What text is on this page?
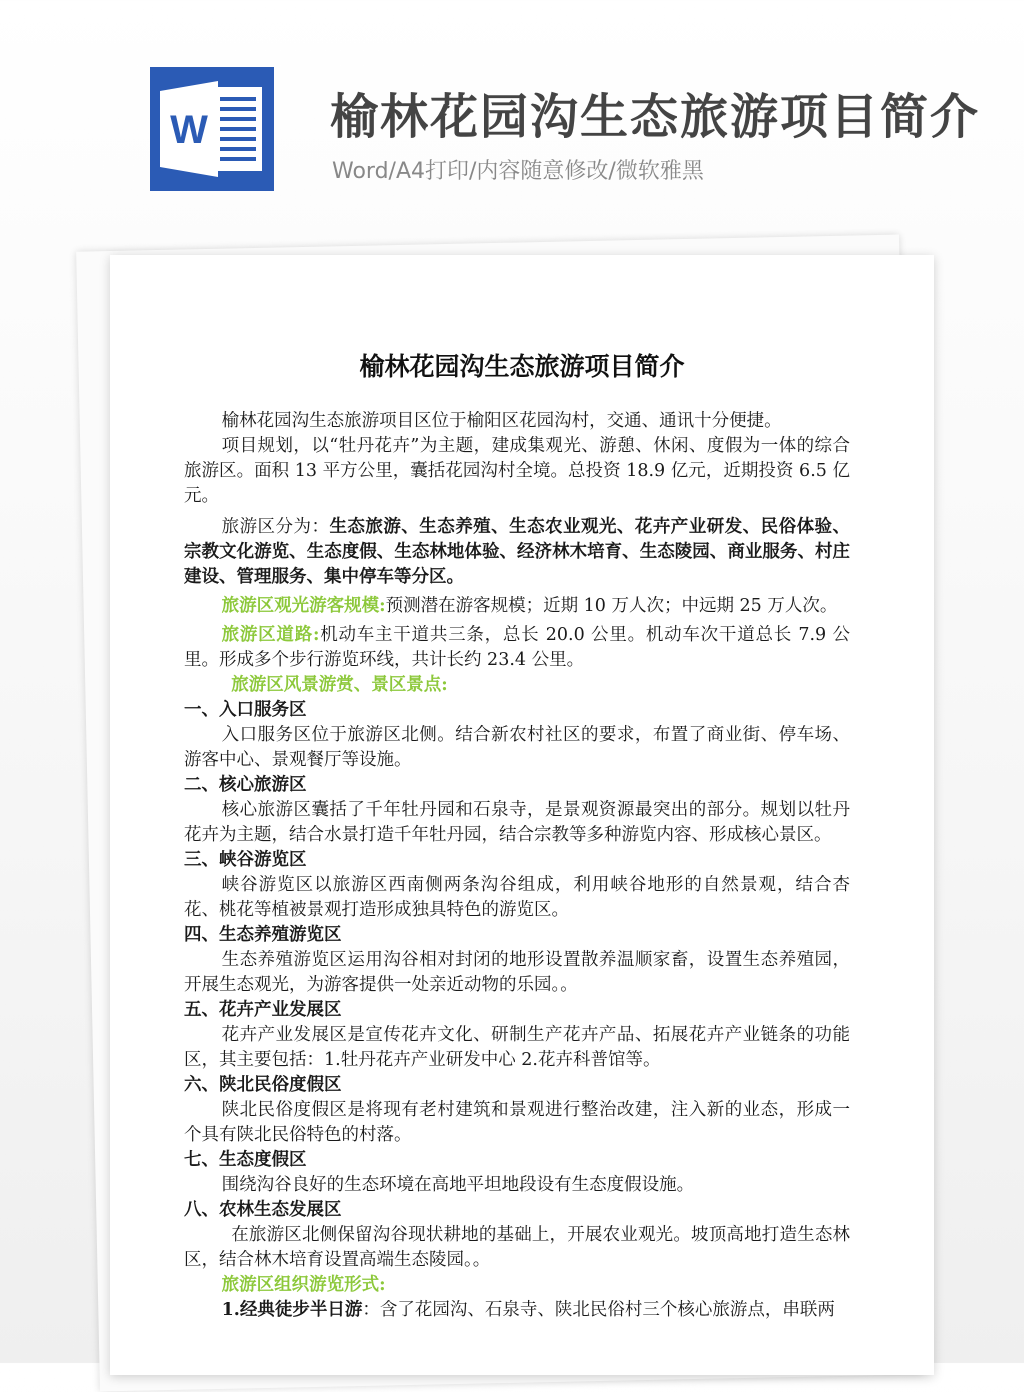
W	榆林花园沟生态旅游项目简介
Word/A4打印/内容随意修改/微软雅黑
榆林花园沟生态旅游项目简介

榆林花园沟生态旅游项目区位于榆阳区花园沟村，交通、通讯十分便捷。

项目规划，以“牡丹花卉”为主题，建成集观光、游憩、休闲、度假为一体的综合旅游区。面积 13 平方公里，囊括花园沟村全境。总投资 18.9 亿元，近期投资 6.5 亿元。

旅游区分为：生态旅游、生态养殖、生态农业观光、花卉产业研发、民俗体验、宗教文化游览、生态度假、生态林地体验、经济林木培育、生态陵园、商业服务、村庄建设、管理服务、集中停车等分区。

旅游区观光游客规模:预测潜在游客规模；近期 10 万人次；中远期 25 万人次。

旅游区道路:机动车主干道共三条，总长 20.0 公里。机动车次干道总长 7.9 公里。形成多个步行游览环线，共计长约 23.4 公里。

旅游区风景游赏、景区景点:

一、入口服务区

入口服务区位于旅游区北侧。结合新农村社区的要求，布置了商业街、停车场、游客中心、景观餐厅等设施。

二、核心旅游区

核心旅游区囊括了千年牡丹园和石泉寺，是景观资源最突出的部分。规划以牡丹花卉为主题，结合水景打造千年牡丹园，结合宗教等多种游览内容、形成核心景区。

三、峡谷游览区

峡谷游览区以旅游区西南侧两条沟谷组成，利用峡谷地形的自然景观，结合杏花、桃花等植被景观打造形成独具特色的游览区。

四、生态养殖游览区

生态养殖游览区运用沟谷相对封闭的地形设置散养温顺家畜，设置生态养殖园，开展生态观光，为游客提供一处亲近动物的乐园。。

五、花卉产业发展区

花卉产业发展区是宣传花卉文化、研制生产花卉产品、拓展花卉产业链条的功能区，其主要包括：1.牡丹花卉产业研发中心 2.花卉科普馆等。

六、陕北民俗度假区

陕北民俗度假区是将现有老村建筑和景观进行整治改建，注入新的业态，形成一个具有陕北民俗特色的村落。

七、生态度假区

围绕沟谷良好的生态环境在高地平坦地段设有生态度假设施。

八、农林生态发展区

在旅游区北侧保留沟谷现状耕地的基础上，开展农业观光。坡顶高地打造生态林区，结合林木培育设置高端生态陵园。。

旅游区组织游览形式:

1.经典徒步半日游：含了花园沟、石泉寺、陕北民俗村三个核心旅游点，串联两
